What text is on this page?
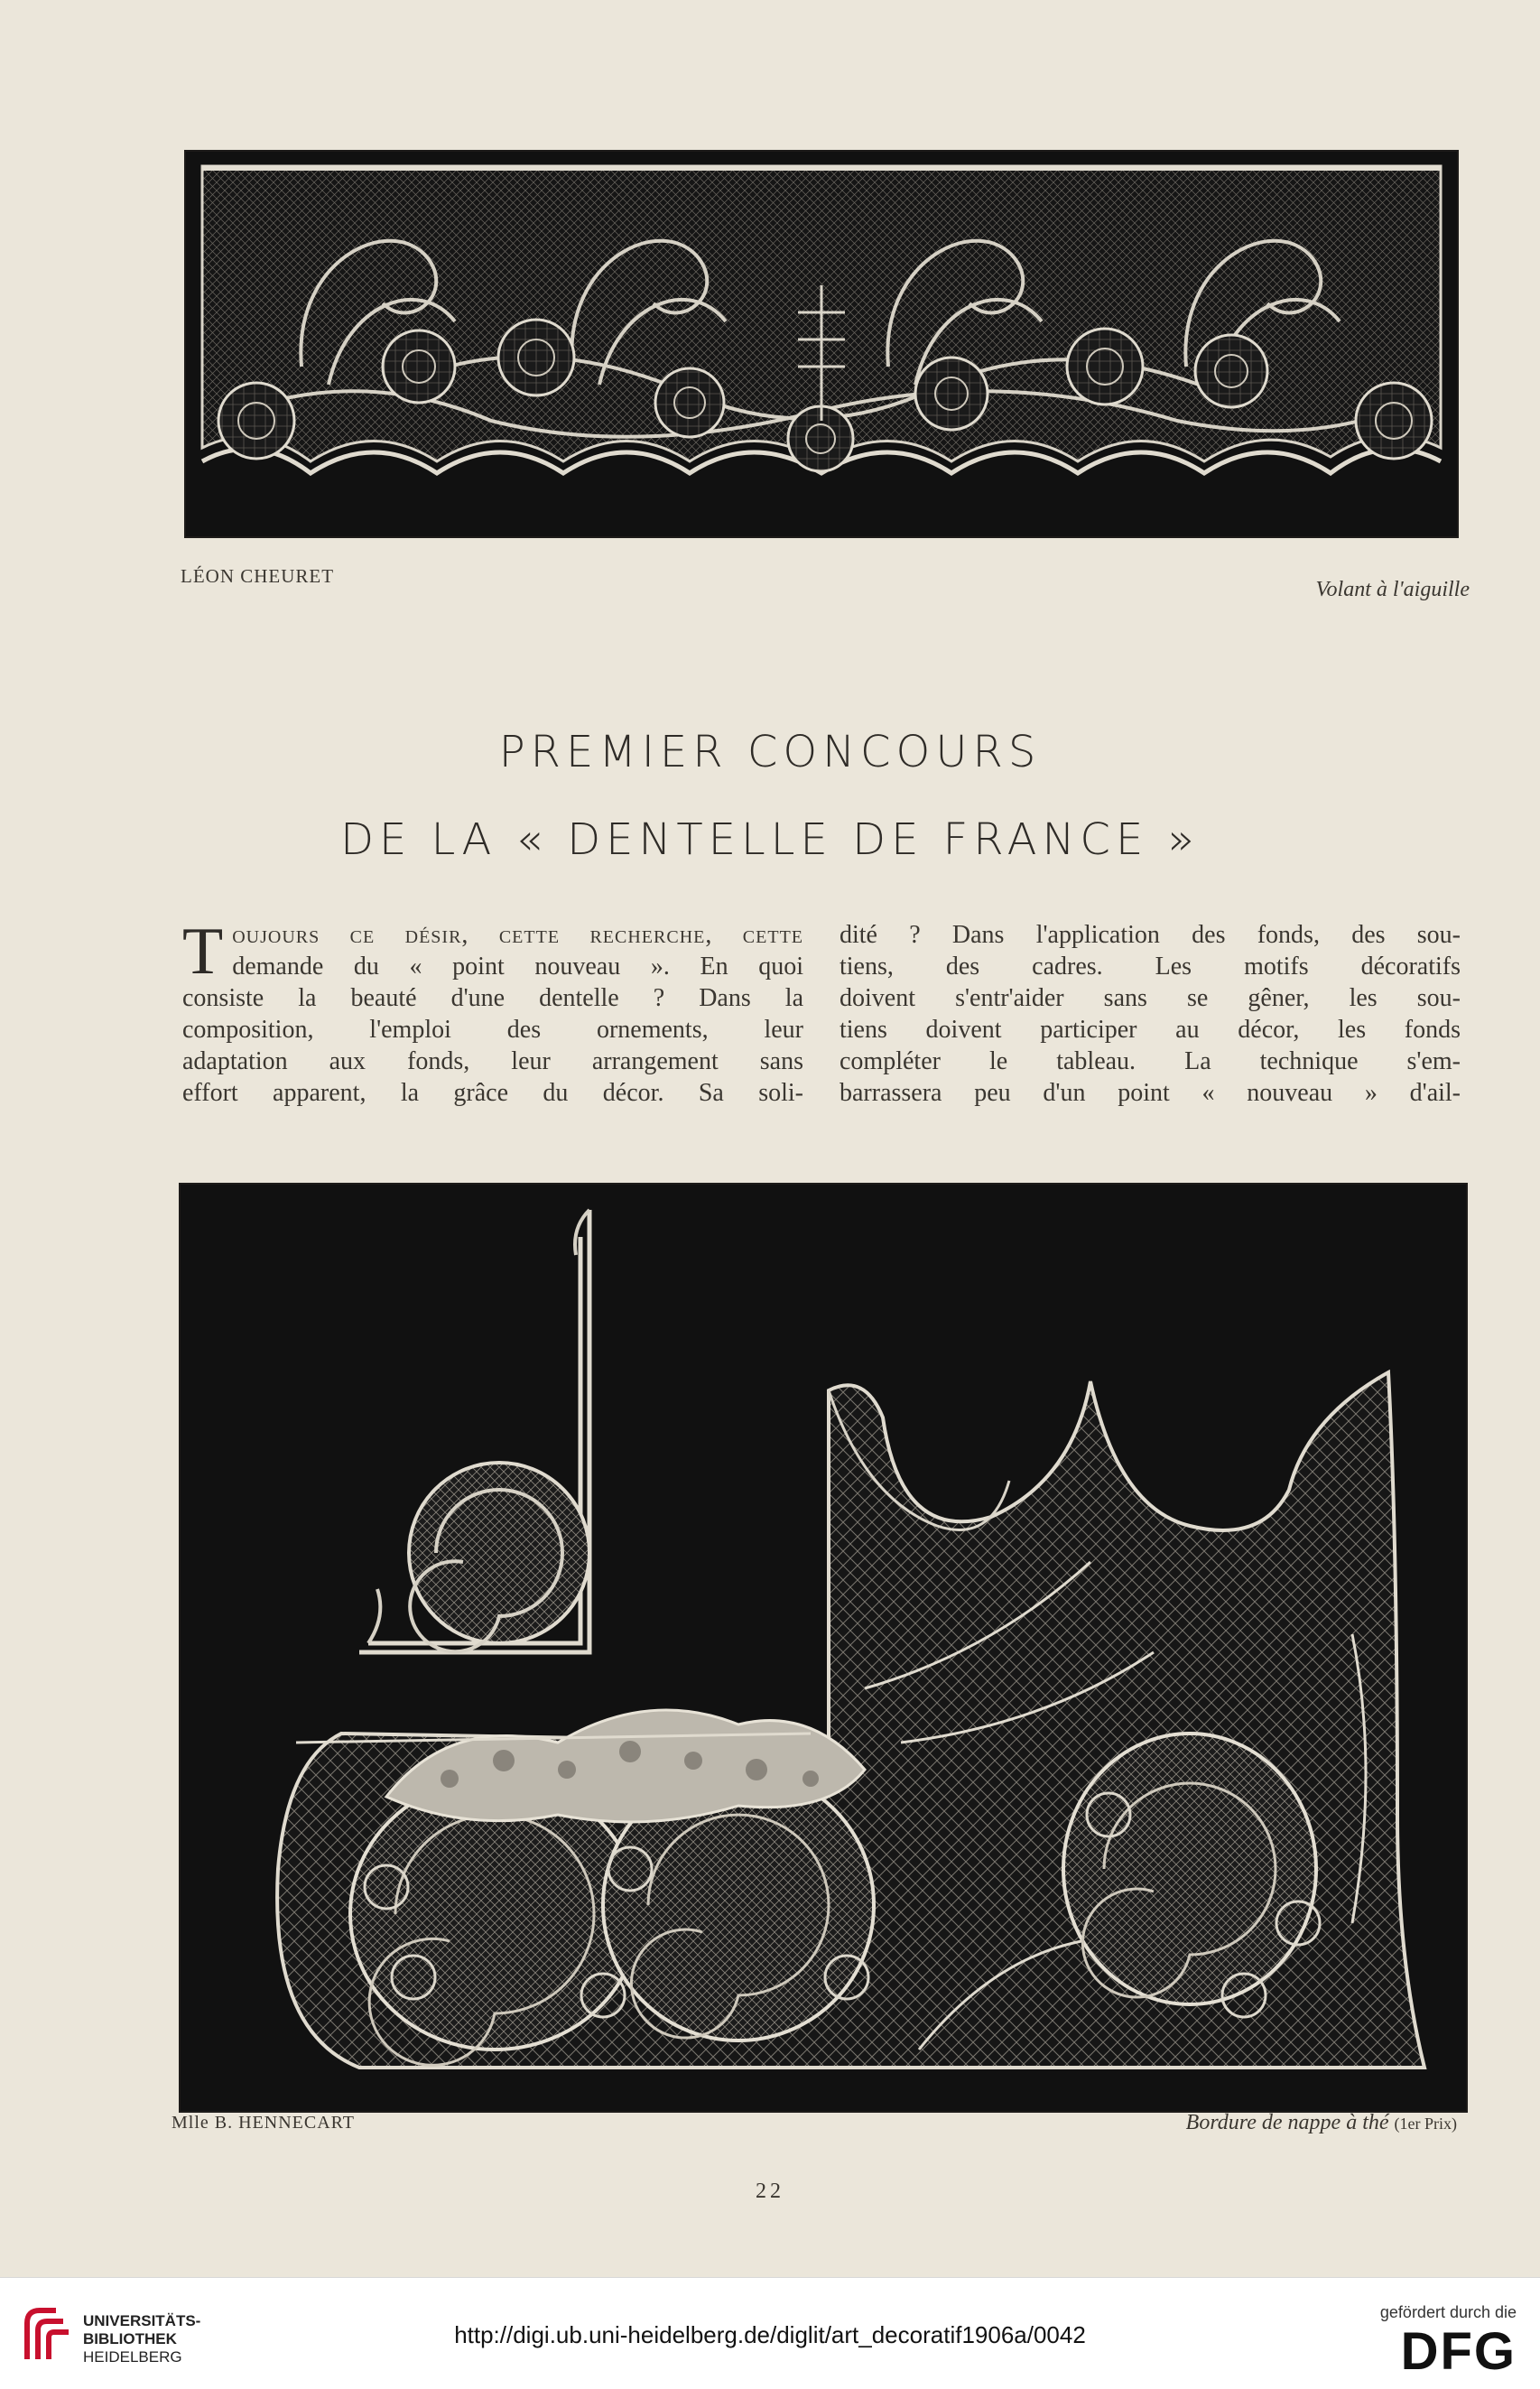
LÉON CHEURET
Volant à l'aiguille
PREMIER CONCOURS
DE LA « DENTELLE DE FRANCE »
T oujours ce désir, cette recherche, cette
demande du « point nouveau ». En quoi
consiste la beauté d'une dentelle ? Dans la
composition, l'emploi des ornements, leur
adaptation aux fonds, leur arrangement sans
effort apparent, la grâce du décor. Sa soli-
dité ? Dans l'application des fonds, des sou-
tiens, des cadres. Les motifs décoratifs
doivent s'entr'aider sans se gêner, les sou-
tiens doivent participer au décor, les fonds
compléter le tableau. La technique s'em-
barrassera peu d'un point « nouveau » d'ail-
Mlle B. HENNECART	Bordure de nappe à thé (1er Prix)
22
UNIVERSITÄTS-
BIBLIOTHEK
HEIDELBERG
http://digi.ub.uni-heidelberg.de/diglit/art_decoratif1906a/0042
gefördert durch die
DFG
